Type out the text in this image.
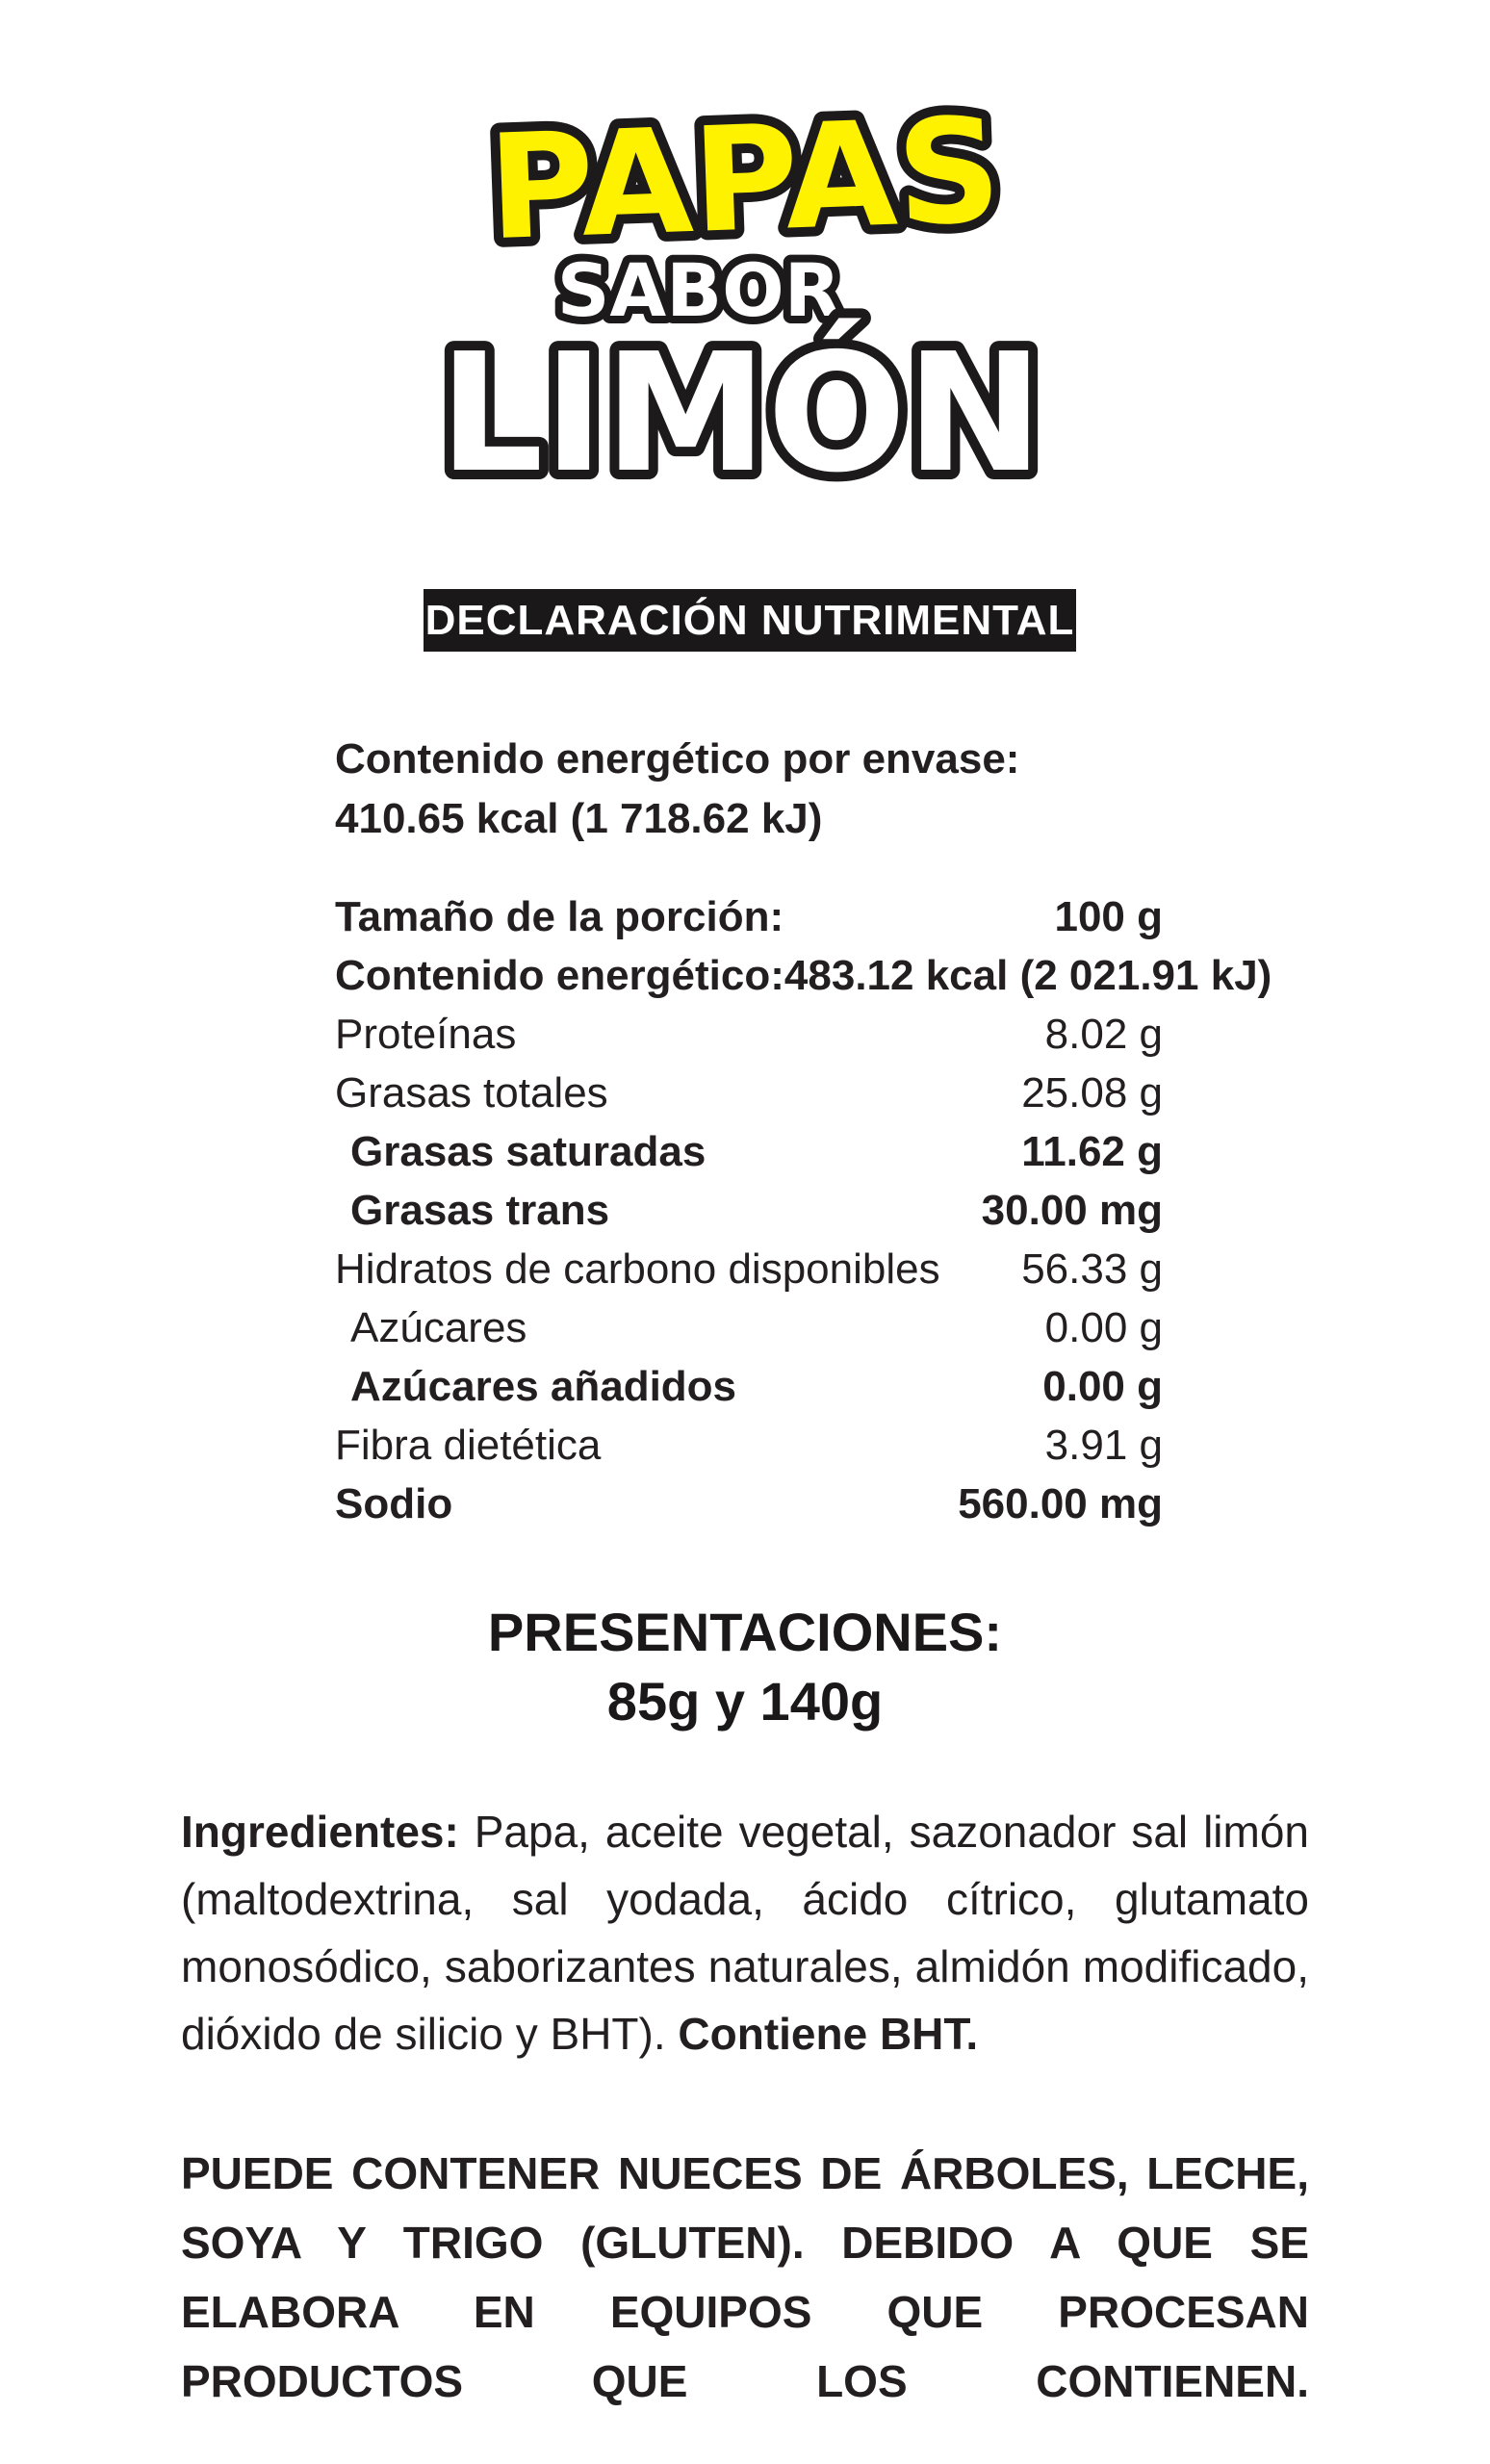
PAPAS
SABOR
LIMÓN
DECLARACIÓN NUTRIMENTAL
Contenido energético por envase:
410.65 kcal (1 718.62 kJ)
Tamaño de la porción:	100 g
Contenido energético: 483.12 kcal (2 021.91 kJ)
Proteínas	8.02 g
Grasas totales	25.08 g
Grasas saturadas	11.62 g
Grasas trans	30.00 mg
Hidratos de carbono disponibles 56.33 g
Azúcares	0.00 g
Azúcares añadidos	0.00 g
Fibra dietética	3.91 g
Sodio	560.00 mg
PRESENTACIONES:
85g y 140g
Ingredientes: Papa, aceite vegetal, sazonador sal limón (maltodextrina, sal yodada, ácido cítrico, glutamato monosódico, saborizantes naturales, almidón modificado, dióxido de silicio y BHT). Contiene BHT.
PUEDE CONTENER NUECES DE ÁRBOLES, LECHE, SOYA Y TRIGO (GLUTEN). DEBIDO A QUE SE ELABORA EN EQUIPOS QUE PROCESAN PRODUCTOS QUE LOS CONTIENEN.
